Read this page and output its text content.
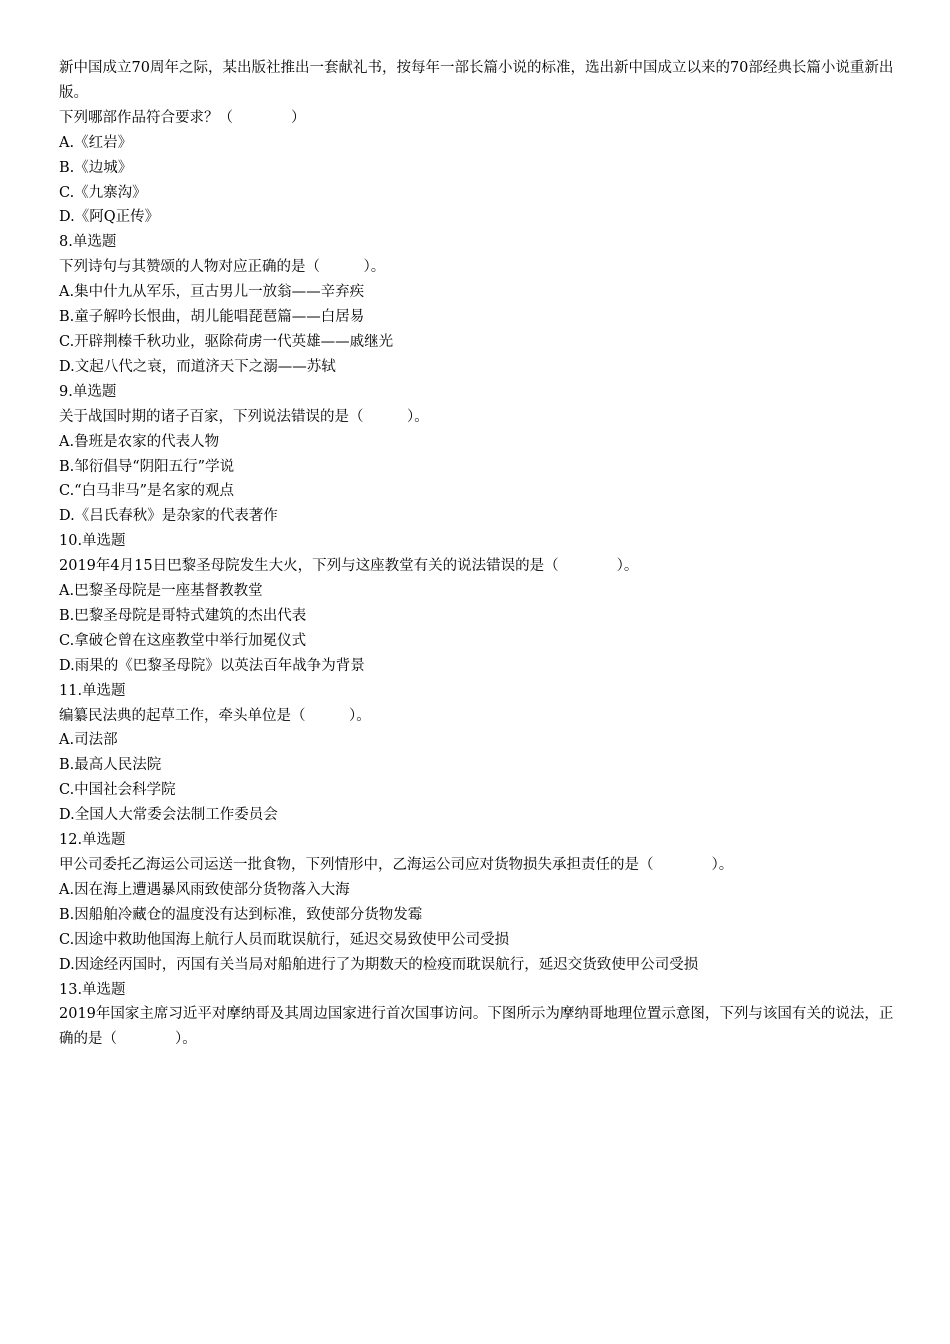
新中国成立70周年之际，某出版社推出一套献礼书，按每年一部长篇小说的标准，选出新中国成立以来的70部经典长篇小说重新出版。

下列哪部作品符合要求？（　　　　）

A.《红岩》

B.《边城》

C.《九寨沟》

D.《阿Q正传》

8.单选题

下列诗句与其赞颂的人物对应正确的是（　　　）。

A.集中什九从军乐，亘古男儿一放翁——辛弃疾

B.童子解吟长恨曲，胡儿能唱琵琶篇——白居易

C.开辟荆榛千秋功业，驱除荷虏一代英雄——戚继光

D.文起八代之衰，而道济天下之溺——苏轼

9.单选题

关于战国时期的诸子百家，下列说法错误的是（　　　）。

A.鲁班是农家的代表人物

B.邹衍倡导“阴阳五行”学说

C.“白马非马”是名家的观点

D.《吕氏春秋》是杂家的代表著作

10.单选题

2019年4月15日巴黎圣母院发生大火，下列与这座教堂有关的说法错误的是（　　　　）。

A.巴黎圣母院是一座基督教教堂

B.巴黎圣母院是哥特式建筑的杰出代表

C.拿破仑曾在这座教堂中举行加冕仪式

D.雨果的《巴黎圣母院》以英法百年战争为背景

11.单选题

编纂民法典的起草工作，牵头单位是（　　　）。

A.司法部

B.最高人民法院

C.中国社会科学院

D.全国人大常委会法制工作委员会

12.单选题

甲公司委托乙海运公司运送一批食物，下列情形中，乙海运公司应对货物损失承担责任的是（　　　　）。

A.因在海上遭遇暴风雨致使部分货物落入大海

B.因船舶冷藏仓的温度没有达到标准，致使部分货物发霉

C.因途中救助他国海上航行人员而耽误航行，延迟交易致使甲公司受损

D.因途经丙国时，丙国有关当局对船舶进行了为期数天的检疫而耽误航行，延迟交货致使甲公司受损

13.单选题

2019年国家主席习近平对摩纳哥及其周边国家进行首次国事访问。下图所示为摩纳哥地理位置示意图，下列与该国有关的说法，正确的是（　　　　）。
